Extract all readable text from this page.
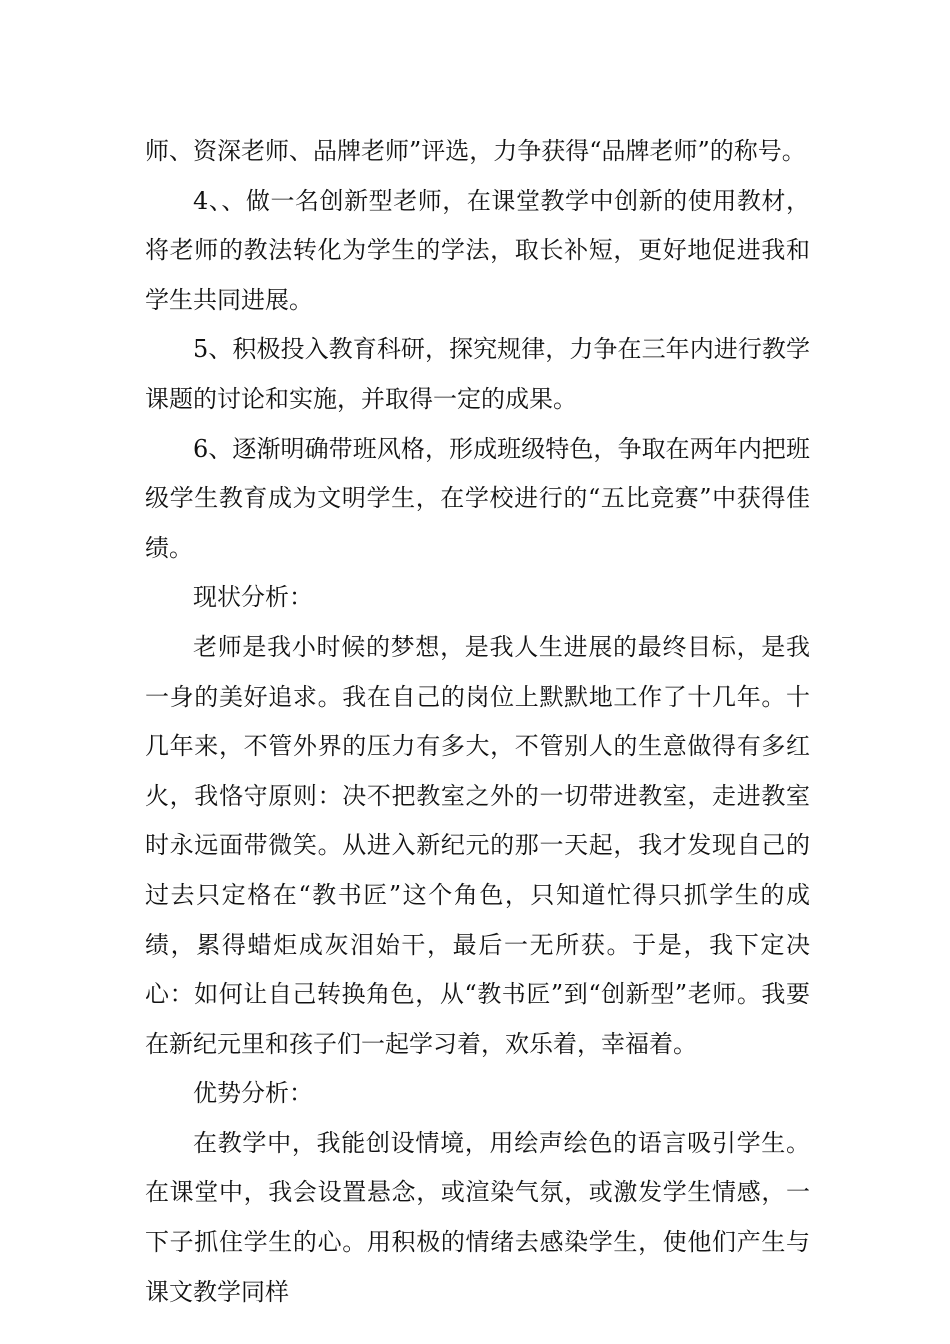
师、资深老师、品牌老师”评选，力争获得“品牌老师”的称号。

4、、做一名创新型老师，在课堂教学中创新的使用教材，将老师的教法转化为学生的学法，取长补短，更好地促进我和学生共同进展。

5、积极投入教育科研，探究规律，力争在三年内进行教学课题的讨论和实施，并取得一定的成果。

6、逐渐明确带班风格，形成班级特色，争取在两年内把班级学生教育成为文明学生，在学校进行的“五比竞赛”中获得佳绩。

现状分析：

老师是我小时候的梦想，是我人生进展的最终目标，是我一身的美好追求。我在自己的岗位上默默地工作了十几年。十几年来，不管外界的压力有多大，不管别人的生意做得有多红火，我恪守原则：决不把教室之外的一切带进教室，走进教室时永远面带微笑。从进入新纪元的那一天起，我才发现自己的过去只定格在“教书匠”这个角色，只知道忙得只抓学生的成绩，累得蜡炬成灰泪始干，最后一无所获。于是，我下定决心：如何让自己转换角色，从“教书匠”到“创新型”老师。我要在新纪元里和孩子们一起学习着，欢乐着，幸福着。

优势分析：

在教学中，我能创设情境，用绘声绘色的语言吸引学生。在课堂中，我会设置悬念，或渲染气氛，或激发学生情感，一下子抓住学生的心。用积极的情绪去感染学生，使他们产生与课文教学同样
